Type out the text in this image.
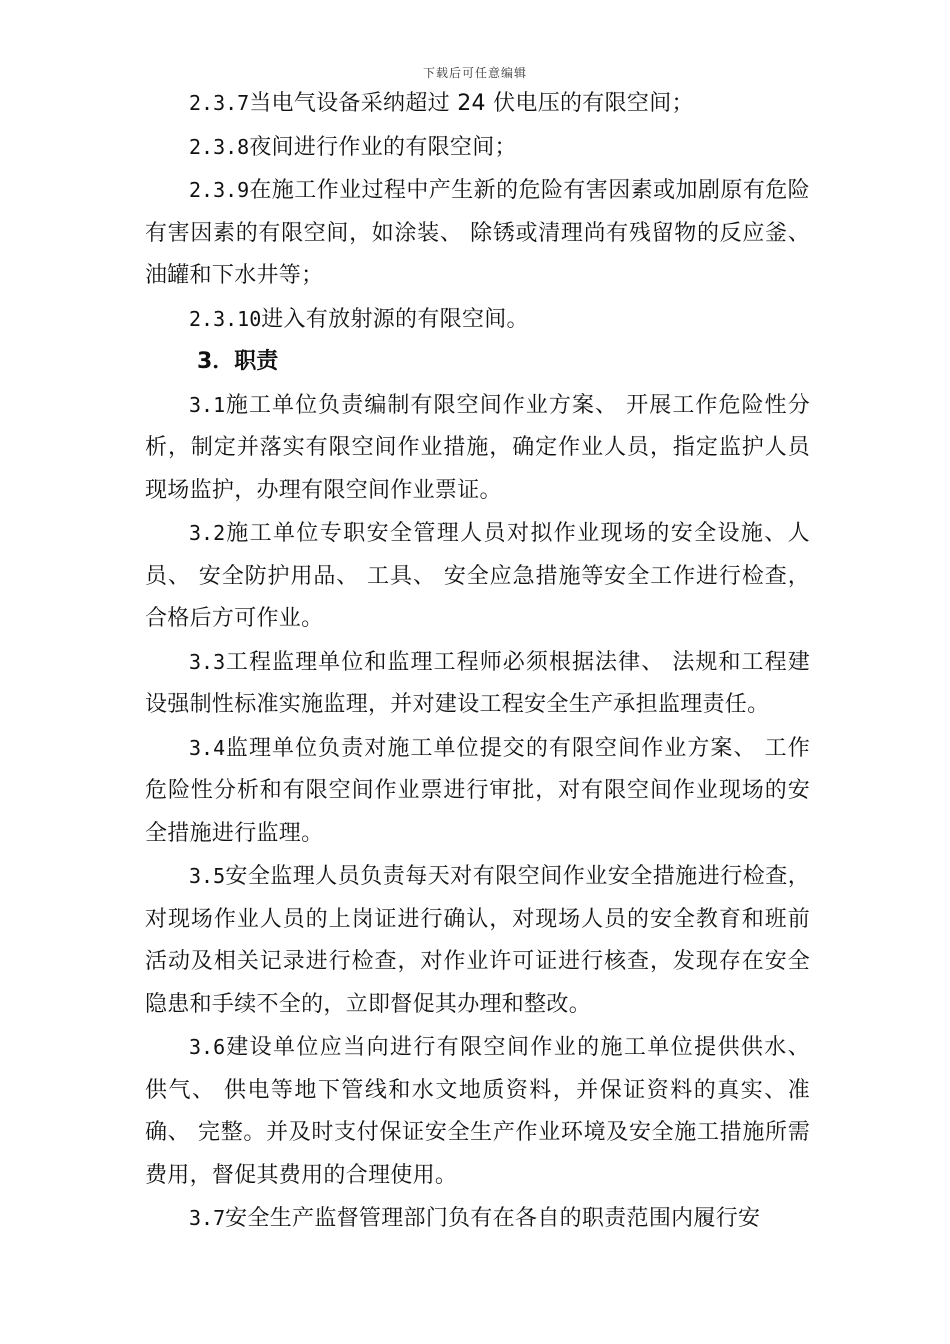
下载后可任意编辑

2.3.7当电气设备采纳超过 24 伏电压的有限空间；

2.3.8夜间进行作业的有限空间；

2.3.9在施工作业过程中产生新的危险有害因素或加剧原有危险有害因素的有限空间，如涂装、 除锈或清理尚有残留物的反应釜、 油罐和下水井等；

2.3.10进入有放射源的有限空间。

3．职责

3.1施工单位负责编制有限空间作业方案、 开展工作危险性分析，制定并落实有限空间作业措施，确定作业人员，指定监护人员现场监护，办理有限空间作业票证。

3.2施工单位专职安全管理人员对拟作业现场的安全设施、人员、 安全防护用品、 工具、 安全应急措施等安全工作进行检查，合格后方可作业。

3.3工程监理单位和监理工程师必须根据法律、 法规和工程建设强制性标准实施监理，并对建设工程安全生产承担监理责任。

3.4监理单位负责对施工单位提交的有限空间作业方案、 工作危险性分析和有限空间作业票进行审批，对有限空间作业现场的安全措施进行监理。

3.5安全监理人员负责每天对有限空间作业安全措施进行检查，对现场作业人员的上岗证进行确认，对现场人员的安全教育和班前活动及相关记录进行检查，对作业许可证进行核查，发现存在安全隐患和手续不全的，立即督促其办理和整改。

3.6建设单位应当向进行有限空间作业的施工单位提供供水、 供气、 供电等地下管线和水文地质资料，并保证资料的真实、准确、 完整。并及时支付保证安全生产作业环境及安全施工措施所需费用，督促其费用的合理使用。

3.7安全生产监督管理部门负有在各自的职责范围内履行安
